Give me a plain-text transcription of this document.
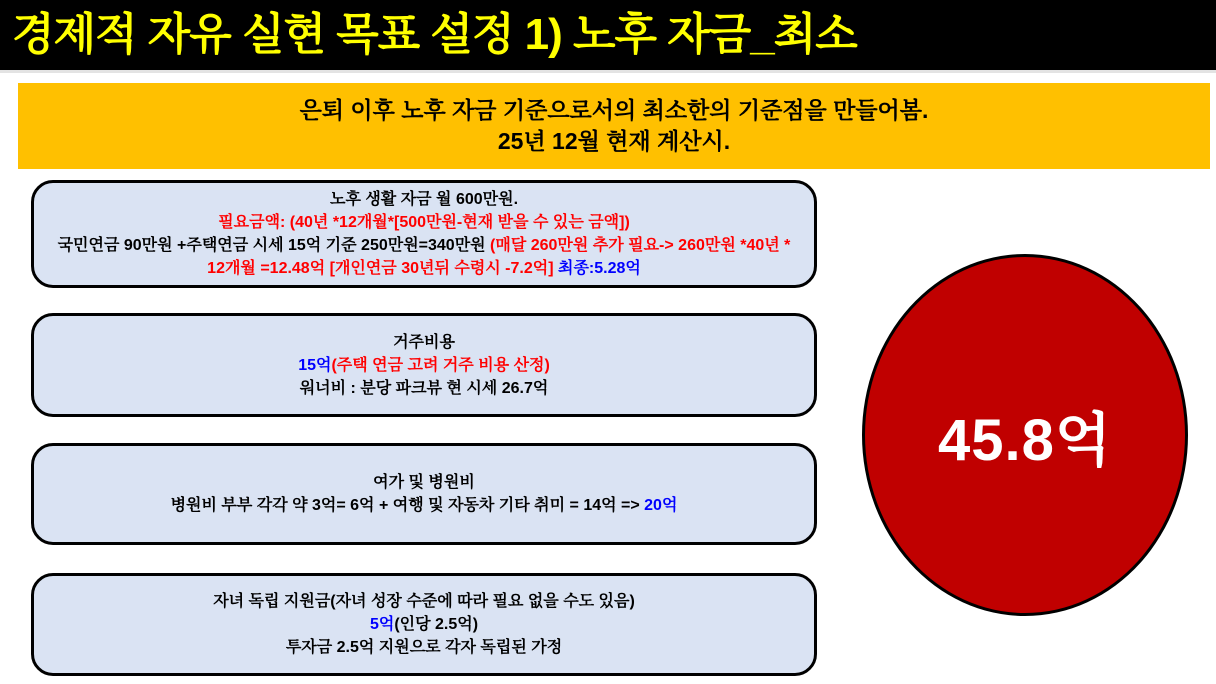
경제적 자유 실현 목표 설정 1) 노후 자금_최소
은퇴 이후 노후 자금 기준으로서의 최소한의 기준점을 만들어봄.
25년 12월 현재 계산시.
노후 생활 자금 월 600만원.
필요금액: (40년 *12개월*[500만원-현재 받을 수 있는 금액])
국민연금 90만원 +주택연금 시세 15억 기준 250만원=340만원 (매달 260만원 추가 필요-> 260만원 *40년 *
12개월 =12.48억 [개인연금 30년뒤 수령시 -7.2억] 최종:5.28억
거주비용
15억(주택 연금 고려 거주 비용 산정)
워너비 : 분당 파크뷰 현 시세 26.7억
여가 및 병원비
병원비 부부 각각 약 3억= 6억 + 여행 및 자동차 기타 취미 = 14억 => 20억
자녀 독립 지원금(자녀 성장 수준에 따라 필요 없을 수도 있음)
5억(인당 2.5억)
투자금 2.5억 지원으로 각자 독립된 가정
45.8억
